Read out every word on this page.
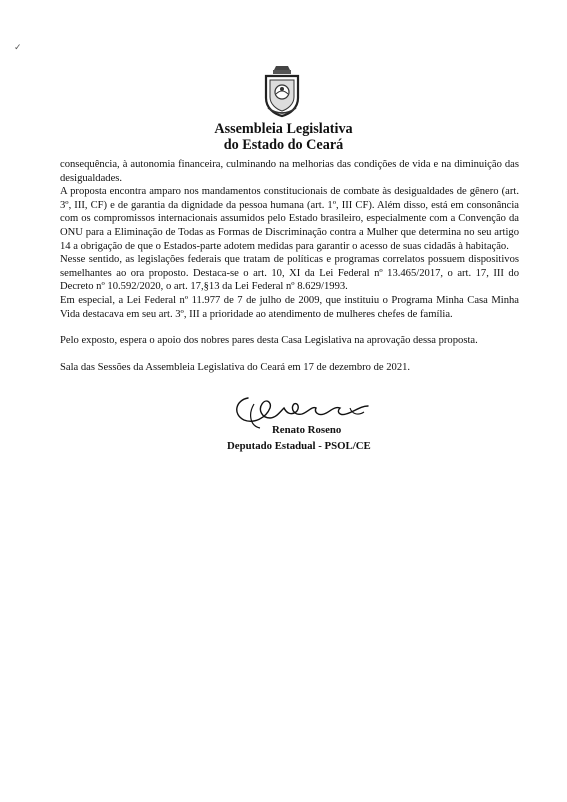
✓
Assembleia Legislativa
do Estado do Ceará

consequência, à autonomia financeira, culminando na melhorias das condições de vida e na diminuição das desigualdades.

A proposta encontra amparo nos mandamentos constitucionais de combate às desigualdades de gênero (art. 3º, III, CF) e de garantia da dignidade da pessoa humana (art. 1º, III CF). Além disso, está em consonância com os compromissos internacionais assumidos pelo Estado brasileiro, especialmente com a Convenção da ONU para a Eliminação de Todas as Formas de Discriminação contra a Mulher que determina no seu artigo 14 a obrigação de que o Estados-parte adotem medidas para garantir o acesso de suas cidadãs à habitação.

Nesse sentido, as legislações federais que tratam de políticas e programas correlatos possuem dispositivos semelhantes ao ora proposto. Destaca-se o art. 10, XI da Lei Federal nº 13.465/2017, o art. 17, III do Decreto nº 10.592/2020, o art. 17,§13 da Lei Federal nº 8.629/1993.

Em especial, a Lei Federal nº 11.977 de 7 de julho de 2009, que instituiu o Programa Minha Casa Minha Vida destacava em seu art. 3º, III a prioridade ao atendimento de mulheres chefes de família.

Pelo exposto, espera o apoio dos nobres pares desta Casa Legislativa na aprovação dessa proposta.

Sala das Sessões da Assembleia Legislativa do Ceará em 17 de dezembro de 2021.

Renato Roseno
Deputado Estadual - PSOL/CE
